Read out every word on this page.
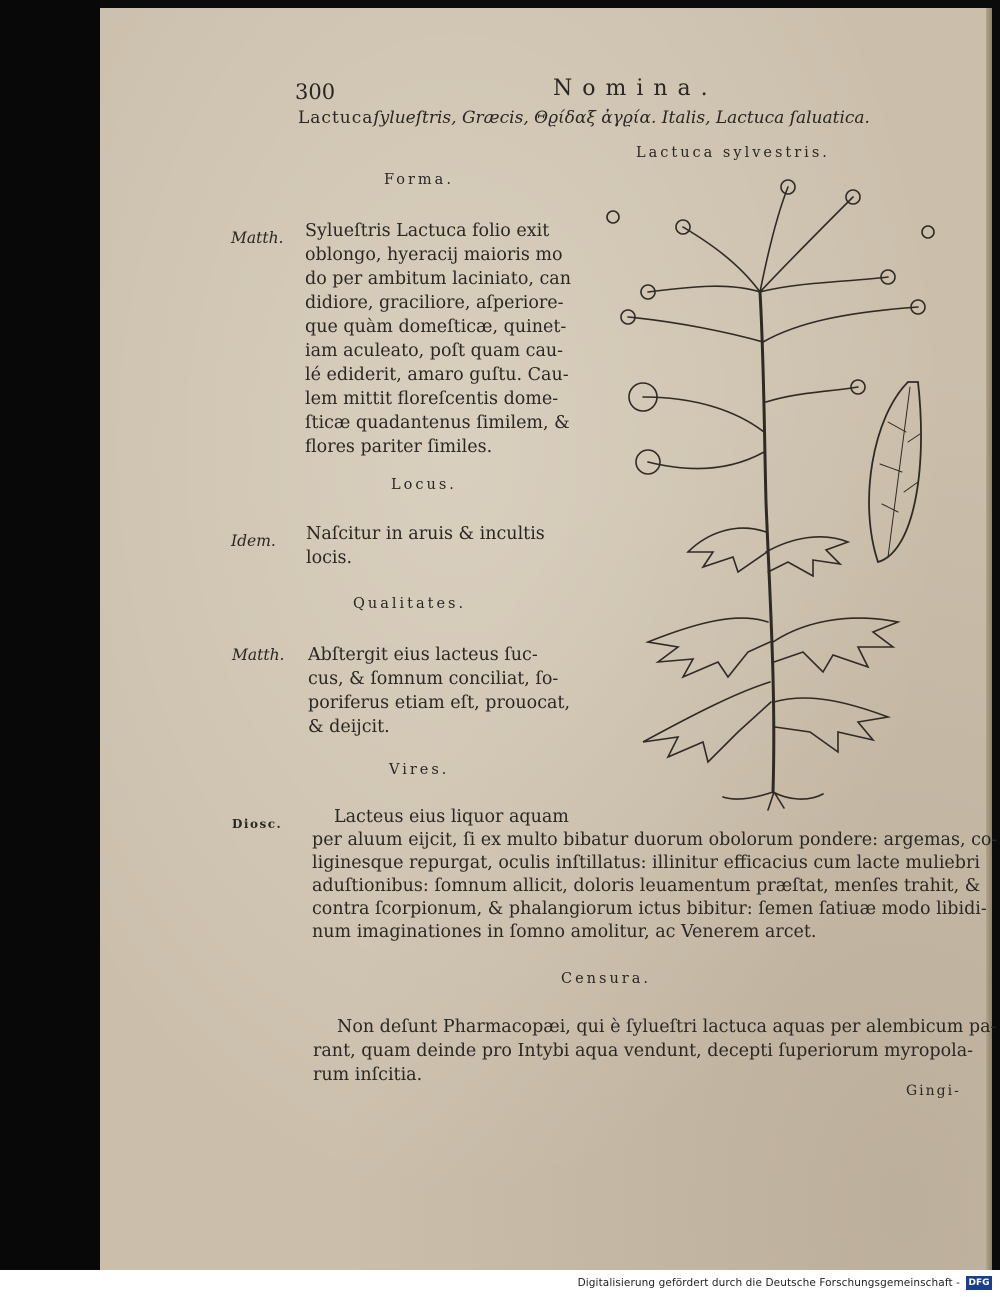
300	Nomina.
Lactucaſylueſtris, Græcis, Θϱίδαξ ἀγϱία. Italis, Lactuca ſaluatica.
Lactuca sylvestris.
Forma.
Matth. Sylueſtris Lactuca folio exit
oblongo, hyeracij maioris mo
do per ambitum laciniato, can
didiore, graciliore, aſperiore-
que quàm domeſticæ, quinet-
iam aculeato, poſt quam cau-
lé ediderit, amaro guſtu. Cau-
lem mittit floreſcentis dome-
ſticæ quadantenus ſimilem, &
flores pariter ſimiles.
Locus.
Idem. Naſcitur in aruis & incultis
locis.
Qualitates.
Matth. Abſtergit eius lacteus ſuc-
cus, & ſomnum conciliat, ſo-
poriferus etiam eſt, prouocat,
& deijcit.
Vires.
Diosc.	Lacteus eius liquor aquam
per aluum eijcit, ſi ex multo bibatur duorum obolorum pondere: argemas, co-
liginesque repurgat, oculis inſtillatus: illinitur efficacius cum lacte muliebri
aduſtionibus: ſomnum allicit, doloris leuamentum præſtat, menſes trahit, &
contra ſcorpionum, & phalangiorum ictus bibitur: ſemen ſatiuæ modo libidi-
num imaginationes in ſomno amolitur, ac Venerem arcet.
Censura.
Non deſunt Pharmacopæi, qui è ſylueſtri lactuca aquas per alembicum pa-
rant, quam deinde pro Intybi aqua vendunt, decepti ſuperiorum myropola-
rum inſcitia.
Gingi-
Digitalisierung gefördert durch die Deutsche Forschungsgemeinschaft - DFG
